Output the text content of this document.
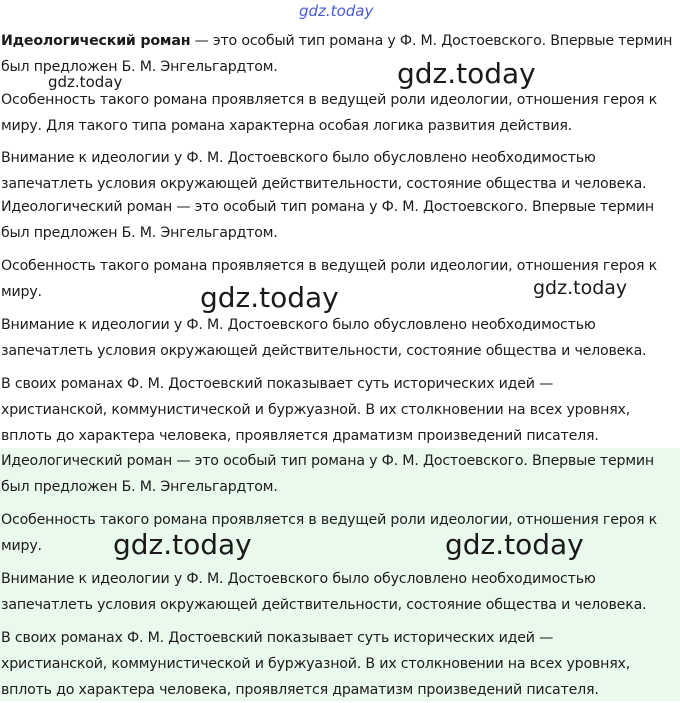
Идеологический роман — это особый тип романа у Ф. М. Достоевского. Впервые термин
был предложен Б. М. Энгельгардтом.

Особенность такого романа проявляется в ведущей роли идеологии, отношения героя к
миру. Для такого типа романа характерна особая логика развития действия.

Внимание к идеологии у Ф. М. Достоевского было обусловлено необходимостью
запечатлеть условия окружающей действительности, состояние общества и человека.

Идеологический роман — это особый тип романа у Ф. М. Достоевского. Впервые термин
был предложен Б. М. Энгельгардтом.

Особенность такого романа проявляется в ведущей роли идеологии, отношения героя к
миру.

Внимание к идеологии у Ф. М. Достоевского было обусловлено необходимостью
запечатлеть условия окружающей действительности, состояние общества и человека.

В своих романах Ф. М. Достоевский показывает суть исторических идей —
христианской, коммунистической и буржуазной. В их столкновении на всех уровнях,
вплоть до характера человека, проявляется драматизм произведений писателя.

Идеологический роман — это особый тип романа у Ф. М. Достоевского. Впервые термин
был предложен Б. М. Энгельгардтом.

Особенность такого романа проявляется в ведущей роли идеологии, отношения героя к
миру.

Внимание к идеологии у Ф. М. Достоевского было обусловлено необходимостью
запечатлеть условия окружающей действительности, состояние общества и человека.

В своих романах Ф. М. Достоевский показывает суть исторических идей —
христианской, коммунистической и буржуазной. В их столкновении на всех уровнях,
вплоть до характера человека, проявляется драматизм произведений писателя.

gdz.today
gdz.today	gdz.today
gdz.today	gdz.today
gdz.today	gdz.today
